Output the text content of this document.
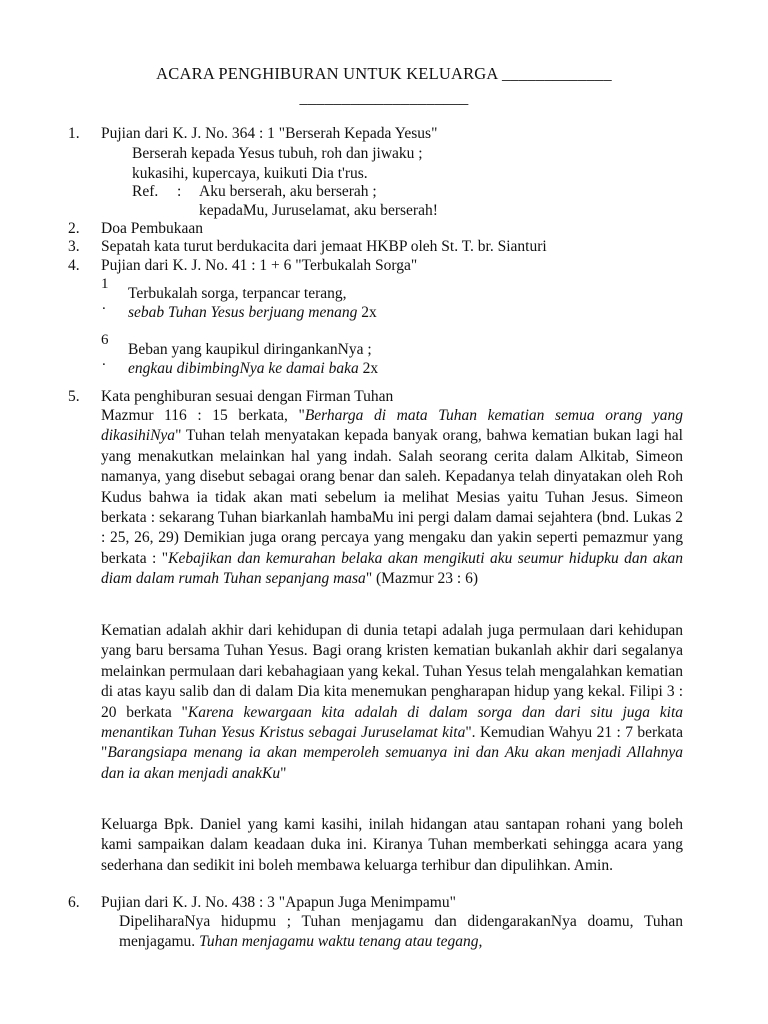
ACARA PENGHIBURAN UNTUK KELUARGA _____________
____________________
1. Pujian dari K. J. No. 364 : 1 "Berserah Kepada Yesus"
Berserah kepada Yesus tubuh, roh dan jiwaku ;
kukasihi, kupercaya, kuikuti Dia t'rus.
Ref. : Aku berserah, aku berserah ;
kepadaMu, Juruselamat, aku berserah!
2. Doa Pembukaan
3. Sepatah kata turut berdukacita dari jemaat HKBP oleh St. T. br. Sianturi
4. Pujian dari K. J. No. 41 : 1 + 6 "Terbukalah Sorga"
1
.
Terbukalah sorga, terpancar terang,
sebab Tuhan Yesus berjuang menang 2x
6
.
Beban yang kaupikul diringankanNya ;
engkau dibimbingNya ke damai baka 2x
5. Kata penghiburan sesuai dengan Firman Tuhan
Mazmur 116 : 15 berkata, "Berharga di mata Tuhan kematian semua orang yang dikasihiNya" Tuhan telah menyatakan kepada banyak orang, bahwa kematian bukan lagi hal yang menakutkan melainkan hal yang indah. Salah seorang cerita dalam Alkitab, Simeon namanya, yang disebut sebagai orang benar dan saleh. Kepadanya telah dinyatakan oleh Roh Kudus bahwa ia tidak akan mati sebelum ia melihat Mesias yaitu Tuhan Jesus. Simeon berkata : sekarang Tuhan biarkanlah hambaMu ini pergi dalam damai sejahtera (bnd. Lukas 2 : 25, 26, 29) Demikian juga orang percaya yang mengaku dan yakin seperti pemazmur yang berkata : "Kebajikan dan kemurahan belaka akan mengikuti aku seumur hidupku dan akan diam dalam rumah Tuhan sepanjang masa" (Mazmur 23 : 6)
Kematian adalah akhir dari kehidupan di dunia tetapi adalah juga permulaan dari kehidupan yang baru bersama Tuhan Yesus. Bagi orang kristen kematian bukanlah akhir dari segalanya melainkan permulaan dari kebahagiaan yang kekal. Tuhan Yesus telah mengalahkan kematian di atas kayu salib dan di dalam Dia kita menemukan pengharapan hidup yang kekal. Filipi 3 : 20 berkata "Karena kewargaan kita adalah di dalam sorga dan dari situ juga kita menantikan Tuhan Yesus Kristus sebagai Juruselamat kita". Kemudian Wahyu 21 : 7 berkata "Barangsiapa menang ia akan memperoleh semuanya ini dan Aku akan menjadi Allahnya dan ia akan menjadi anakKu"
Keluarga Bpk. Daniel yang kami kasihi, inilah hidangan atau santapan rohani yang boleh kami sampaikan dalam keadaan duka ini. Kiranya Tuhan memberkati sehingga acara yang sederhana dan sedikit ini boleh membawa keluarga terhibur dan dipulihkan. Amin.
6. Pujian dari K. J. No. 438 : 3 "Apapun Juga Menimpamu"
DipeliharaNya hidupmu ; Tuhan menjagamu dan didengarakanNya doamu, Tuhan menjagamu. Tuhan menjagamu waktu tenang atau tegang,
